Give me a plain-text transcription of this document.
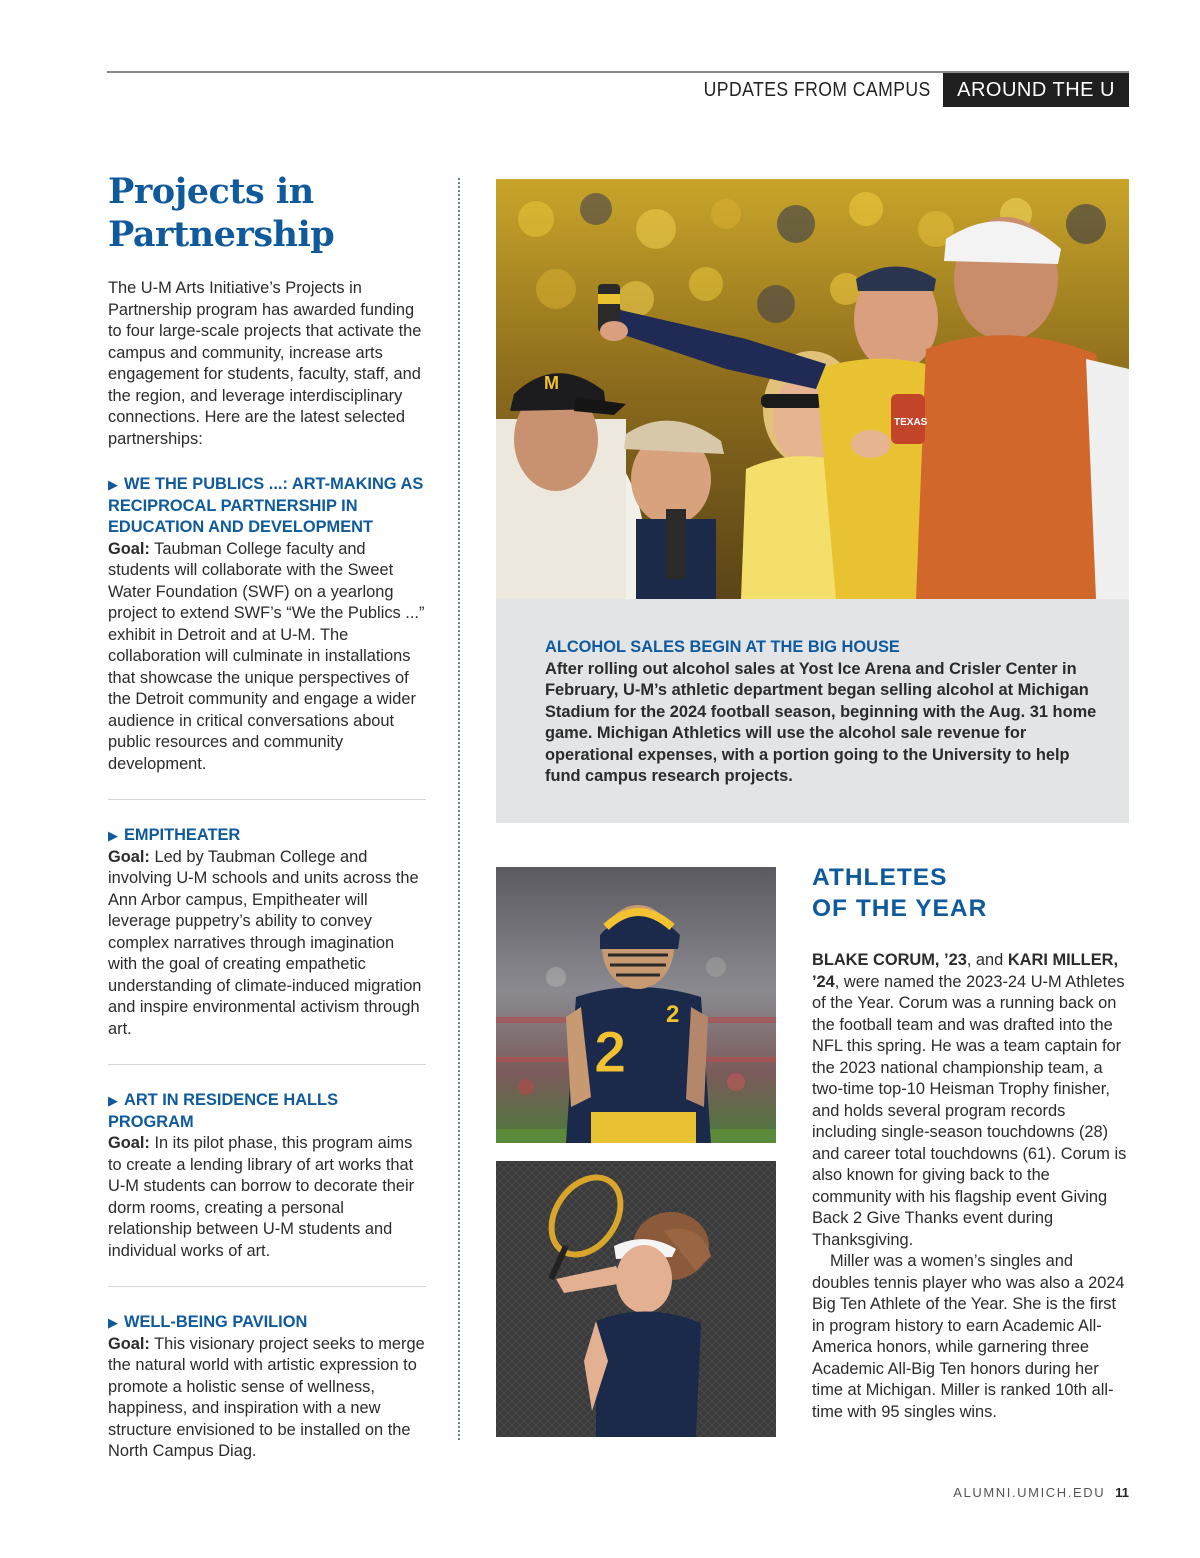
UPDATES FROM CAMPUS	AROUND THE U
Projects in
Partnership

The U-M Arts Initiative’s Projects in Partnership program has awarded funding to four large-scale projects that activate the campus and community, increase arts engagement for students, faculty, staff, and the region, and leverage interdisciplinary connections. Here are the latest selected partnerships:

▶ WE THE PUBLICS ...: ART-MAKING AS RECIPROCAL PARTNERSHIP IN EDUCATION AND DEVELOPMENT

Goal: Taubman College faculty and students will collaborate with the Sweet Water Foundation (SWF) on a yearlong project to extend SWF’s “We the Publics ...” exhibit in Detroit and at U-M. The collaboration will culminate in installations that showcase the unique perspectives of the Detroit community and engage a wider audience in critical conversations about public resources and community development.

▶ EMPITHEATER

Goal: Led by Taubman College and involving U-M schools and units across the Ann Arbor campus, Empitheater will leverage puppetry’s ability to convey complex narratives through imagination with the goal of creating empathetic understanding of climate-induced migration and inspire environmental activism through art.

▶ ART IN RESIDENCE HALLS PROGRAM

Goal: In its pilot phase, this program aims to create a lending library of art works that U-M students can borrow to decorate their dorm rooms, creating a personal relationship between U-M students and individual works of art.

▶ WELL-BEING PAVILION

Goal: This visionary project seeks to merge the natural world with artistic expression to promote a holistic sense of wellness, happiness, and inspiration with a new structure envisioned to be installed on the North Campus Diag.

M
TEXAS

ALCOHOL SALES BEGIN AT THE BIG HOUSE

After rolling out alcohol sales at Yost Ice Arena and Crisler Center in February, U-M’s athletic department began selling alcohol at Michigan Stadium for the 2024 football season, beginning with the Aug. 31 home game. Michigan Athletics will use the alcohol sale revenue for operational expenses, with a portion going to the University to help fund campus research projects.

2
2
ATHLETES
OF THE YEAR

BLAKE CORUM, ’23, and KARI MILLER, ’24, were named the 2023-24 U-M Athletes of the Year. Corum was a running back on the football team and was drafted into the NFL this spring. He was a team captain for the 2023 national championship team, a two-time top-10 Heisman Trophy finisher, and holds several program records including single-season touchdowns (28) and career total touchdowns (61). Corum is also known for giving back to the community with his flagship event Giving Back 2 Give Thanks event during Thanksgiving.

Miller was a women’s singles and doubles tennis player who was also a 2024 Big Ten Athlete of the Year. She is the first in program history to earn Academic All-America honors, while garnering three Academic All-Big Ten honors during her time at Michigan. Miller is ranked 10th all-time with 95 singles wins.

ALUMNI.UMICH.EDU 11
